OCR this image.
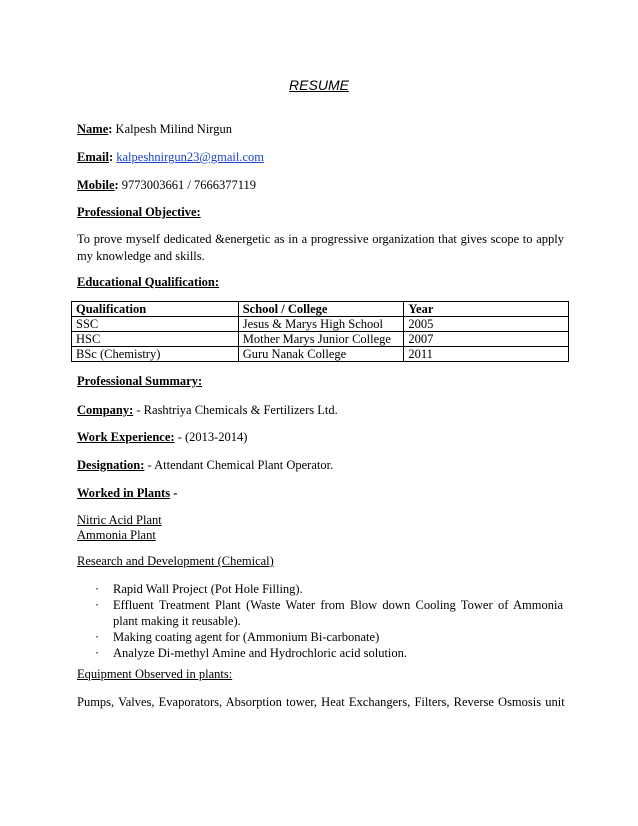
RESUME
Name: Kalpesh Milind Nirgun
Email: kalpeshnirgun23@gmail.com
Mobile: 9773003661 / 7666377119
Professional Objective:
To prove myself dedicated &energetic as in a progressive organization that gives scope to apply my knowledge and skills.
Educational Qualification:
Qualification	School / College	Year
SSC	Jesus & Marys High School	2005
HSC	Mother Marys Junior College	2007
BSc (Chemistry)	Guru Nanak College	2011
Professional Summary:
Company: - Rashtriya Chemicals & Fertilizers Ltd.
Work Experience: - (2013-2014)
Designation: - Attendant Chemical Plant Operator.
Worked in Plants -
Nitric Acid Plant
Ammonia Plant
Research and Development (Chemical)
· Rapid Wall Project (Pot Hole Filling).
· Effluent Treatment Plant (Waste Water from Blow down Cooling Tower of Ammonia plant making it reusable).
· Making coating agent for (Ammonium Bi-carbonate)
· Analyze Di-methyl Amine and Hydrochloric acid solution.
Equipment Observed in plants:
Pumps, Valves, Evaporators, Absorption tower, Heat Exchangers, Filters, Reverse Osmosis unit
